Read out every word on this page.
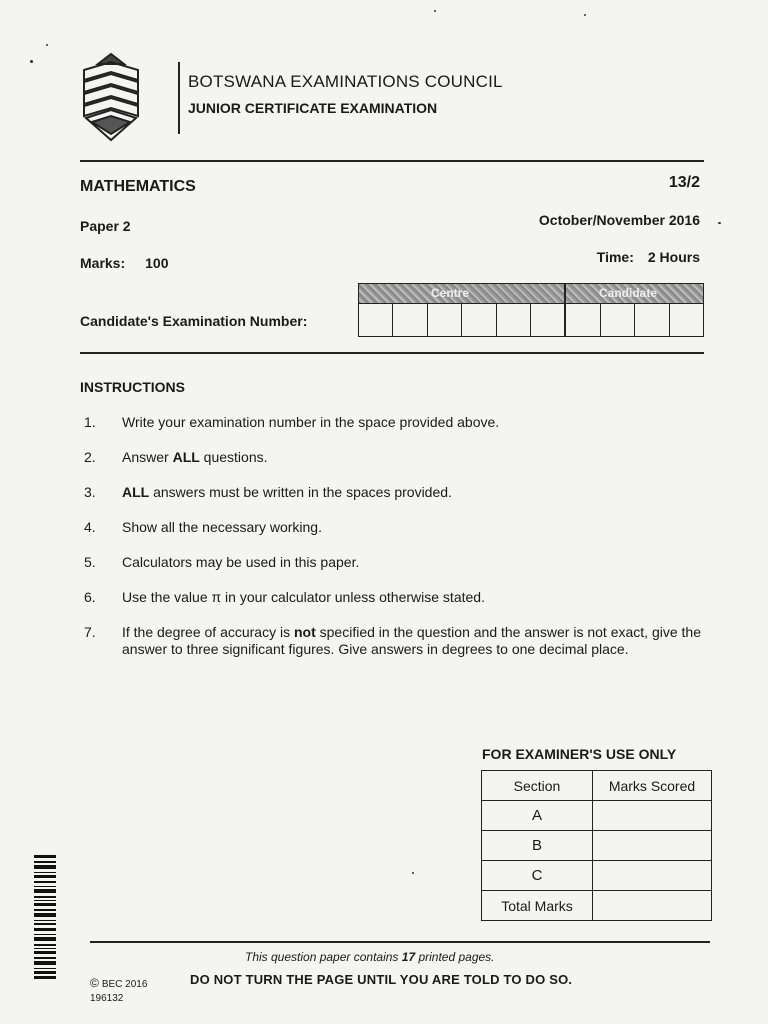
BOTSWANA EXAMINATIONS COUNCIL
JUNIOR CERTIFICATE EXAMINATION
MATHEMATICS	13/2
Paper 2	October/November 2016
Marks: 100	Time: 2 Hours
Candidate's Examination Number:
Centre	Candidate
INSTRUCTIONS
1.	Write your examination number in the space provided above.
2.	Answer ALL questions.
3.	ALL answers must be written in the spaces provided.
4.	Show all the necessary working.
5.	Calculators may be used in this paper.
6.	Use the value π in your calculator unless otherwise stated.
7.	If the degree of accuracy is not specified in the question and the answer is not exact, give the answer to three significant figures. Give answers in degrees to one decimal place.
FOR EXAMINER'S USE ONLY
Section	Marks Scored
A	
B	
C	
Total Marks	
This question paper contains 17 printed pages.
© BEC 2016	DO NOT TURN THE PAGE UNTIL YOU ARE TOLD TO DO SO.
196132
